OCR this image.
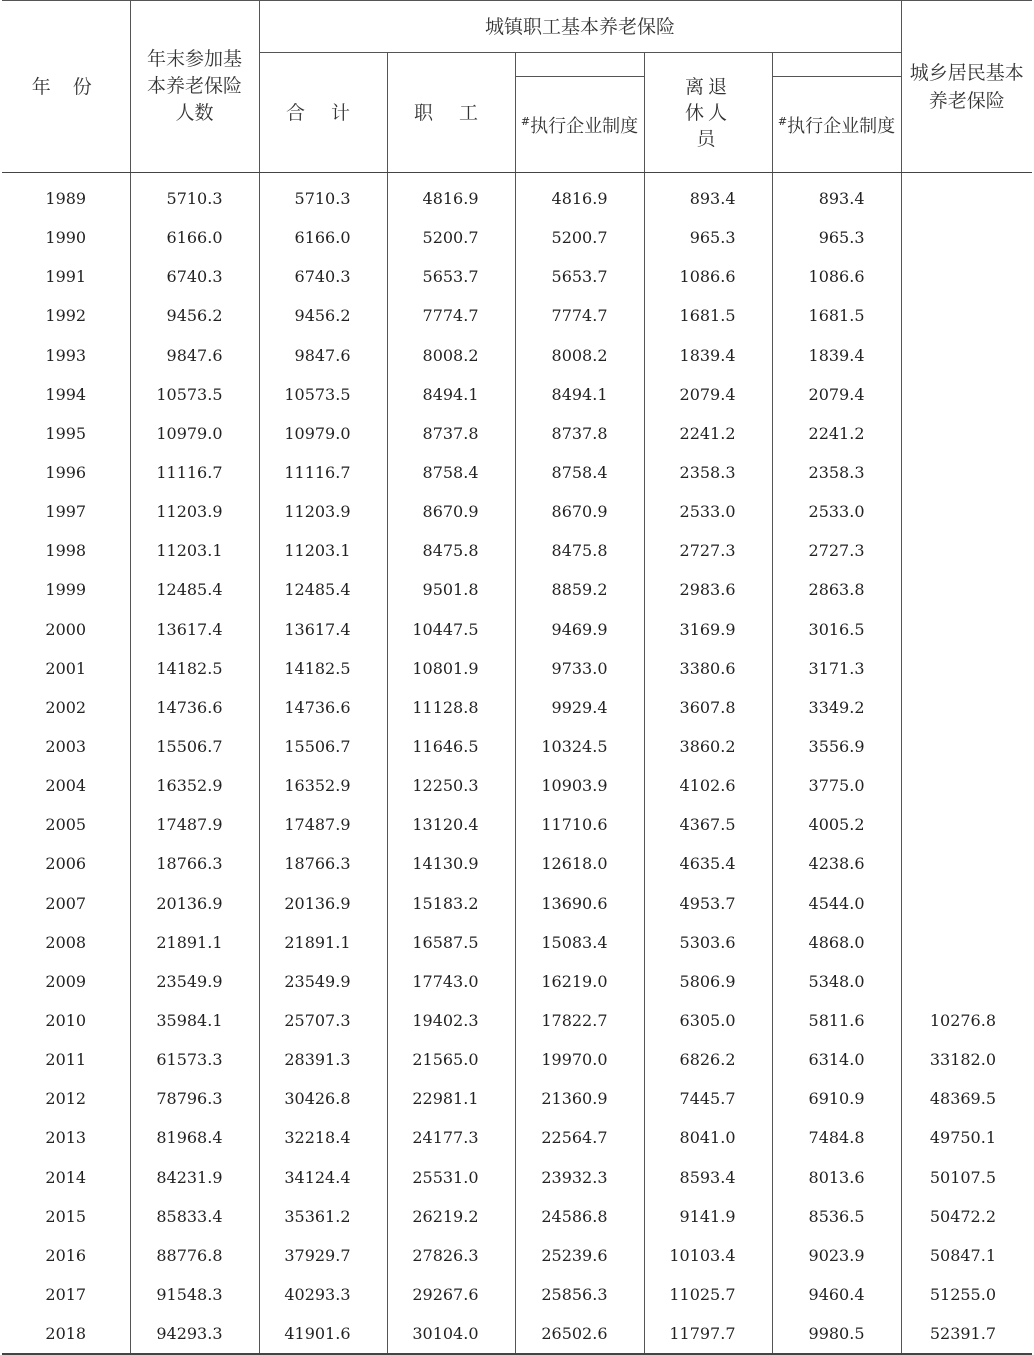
年 份	年末参加基本养老保险人数	城镇职工基本养老保险					城乡居民基本养老保险
		合 计	职 工		离退休人 员		
				#执行企业制度		#执行企业制度	
1989	5710.3	5710.3	4816.9	4816.9	893.4	893.4	
1990	6166.0	6166.0	5200.7	5200.7	965.3	965.3	
1991	6740.3	6740.3	5653.7	5653.7	1086.6	1086.6	
1992	9456.2	9456.2	7774.7	7774.7	1681.5	1681.5	
1993	9847.6	9847.6	8008.2	8008.2	1839.4	1839.4	
1994	10573.5	10573.5	8494.1	8494.1	2079.4	2079.4	
1995	10979.0	10979.0	8737.8	8737.8	2241.2	2241.2	
1996	11116.7	11116.7	8758.4	8758.4	2358.3	2358.3	
1997	11203.9	11203.9	8670.9	8670.9	2533.0	2533.0	
1998	11203.1	11203.1	8475.8	8475.8	2727.3	2727.3	
1999	12485.4	12485.4	9501.8	8859.2	2983.6	2863.8	
2000	13617.4	13617.4	10447.5	9469.9	3169.9	3016.5	
2001	14182.5	14182.5	10801.9	9733.0	3380.6	3171.3	
2002	14736.6	14736.6	11128.8	9929.4	3607.8	3349.2	
2003	15506.7	15506.7	11646.5	10324.5	3860.2	3556.9	
2004	16352.9	16352.9	12250.3	10903.9	4102.6	3775.0	
2005	17487.9	17487.9	13120.4	11710.6	4367.5	4005.2	
2006	18766.3	18766.3	14130.9	12618.0	4635.4	4238.6	
2007	20136.9	20136.9	15183.2	13690.6	4953.7	4544.0	
2008	21891.1	21891.1	16587.5	15083.4	5303.6	4868.0	
2009	23549.9	23549.9	17743.0	16219.0	5806.9	5348.0	
2010	35984.1	25707.3	19402.3	17822.7	6305.0	5811.6	10276.8
2011	61573.3	28391.3	21565.0	19970.0	6826.2	6314.0	33182.0
2012	78796.3	30426.8	22981.1	21360.9	7445.7	6910.9	48369.5
2013	81968.4	32218.4	24177.3	22564.7	8041.0	7484.8	49750.1
2014	84231.9	34124.4	25531.0	23932.3	8593.4	8013.6	50107.5
2015	85833.4	35361.2	26219.2	24586.8	9141.9	8536.5	50472.2
2016	88776.8	37929.7	27826.3	25239.6	10103.4	9023.9	50847.1
2017	91548.3	40293.3	29267.6	25856.3	11025.7	9460.4	51255.0
2018	94293.3	41901.6	30104.0	26502.6	11797.7	9980.5	52391.7
